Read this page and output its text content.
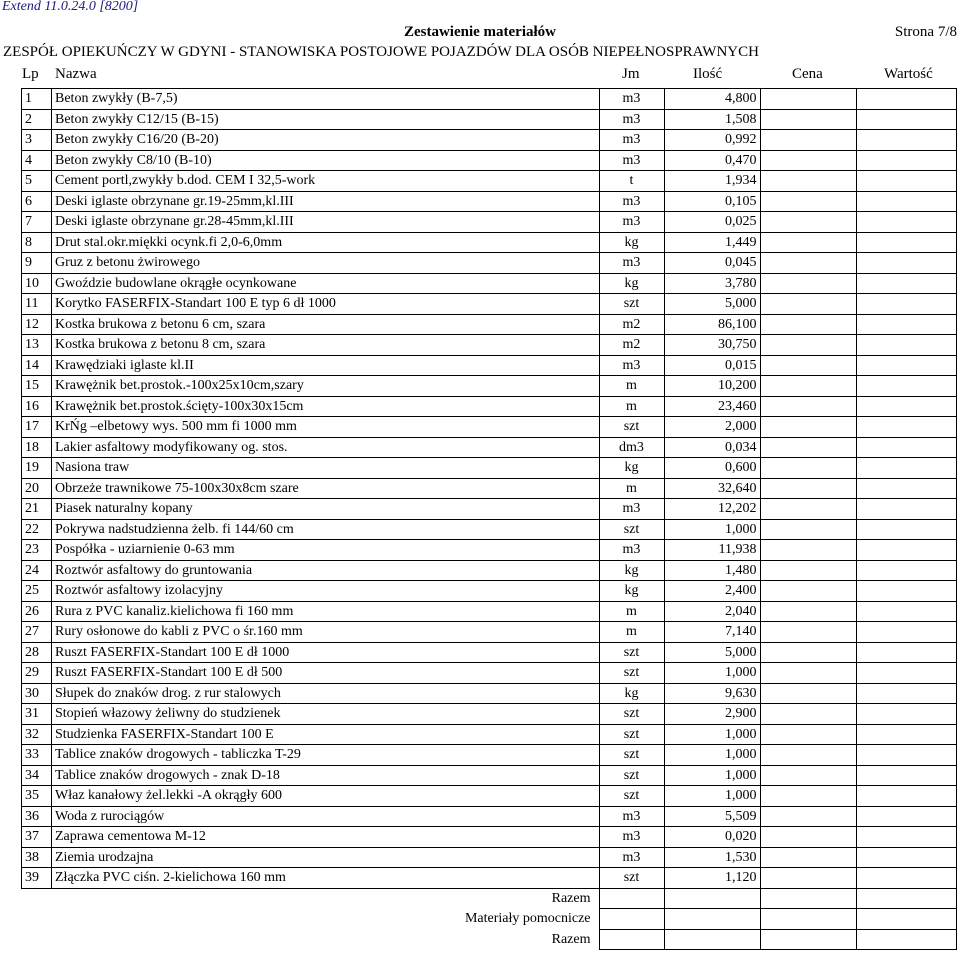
Extend 11.0.24.0 [8200]
Zestawienie materiałów	Strona 7/8
ZESPÓŁ OPIEKUŃCZY W GDYNI - STANOWISKA POSTOJOWE POJAZDÓW DLA OSÓB NIEPEŁNOSPRAWNYCH
Lp Nazwa	Jm	Ilość	Cena	Wartość
1	Beton zwykły (B-7,5)	m3	4,800		
2	Beton zwykły C12/15 (B-15)	m3	1,508		
3	Beton zwykły C16/20 (B-20)	m3	0,992		
4	Beton zwykły C8/10 (B-10)	m3	0,470		
5	Cement portl,zwykły b.dod. CEM I 32,5-work	t	1,934		
6	Deski iglaste obrzynane gr.19-25mm,kl.III	m3	0,105		
7	Deski iglaste obrzynane gr.28-45mm,kl.III	m3	0,025		
8	Drut stal.okr.miękki ocynk.fi 2,0-6,0mm	kg	1,449		
9	Gruz z betonu żwirowego	m3	0,045		
10	Gwoździe budowlane okrągłe ocynkowane	kg	3,780		
11	Korytko FASERFIX-Standart 100 E typ 6 dł 1000	szt	5,000		
12	Kostka brukowa z betonu 6 cm, szara	m2	86,100		
13	Kostka brukowa z betonu 8 cm, szara	m2	30,750		
14	Krawędziaki iglaste kl.II	m3	0,015		
15	Krawężnik bet.prostok.-100x25x10cm,szary	m	10,200		
16	Krawężnik bet.prostok.ścięty-100x30x15cm	m	23,460		
17	KrŃg –elbetowy wys. 500 mm fi 1000 mm	szt	2,000		
18	Lakier asfaltowy modyfikowany og. stos.	dm3	0,034		
19	Nasiona traw	kg	0,600		
20	Obrzeże trawnikowe 75-100x30x8cm szare	m	32,640		
21	Piasek naturalny kopany	m3	12,202		
22	Pokrywa nadstudzienna żelb. fi 144/60 cm	szt	1,000		
23	Pospółka - uziarnienie 0-63 mm	m3	11,938		
24	Roztwór asfaltowy do gruntowania	kg	1,480		
25	Roztwór asfaltowy izolacyjny	kg	2,400		
26	Rura z PVC kanaliz.kielichowa fi 160 mm	m	2,040		
27	Rury osłonowe do kabli z PVC o śr.160 mm	m	7,140		
28	Ruszt FASERFIX-Standart 100 E dł 1000	szt	5,000		
29	Ruszt FASERFIX-Standart 100 E dł 500	szt	1,000		
30	Słupek do znaków drog. z rur stalowych	kg	9,630		
31	Stopień włazowy żeliwny do studzienek	szt	2,900		
32	Studzienka FASERFIX-Standart 100 E	szt	1,000		
33	Tablice znaków drogowych - tabliczka T-29	szt	1,000		
34	Tablice znaków drogowych - znak D-18	szt	1,000		
35	Właz kanałowy żel.lekki -A okrągły 600	szt	1,000		
36	Woda z rurociągów	m3	5,509		
37	Zaprawa cementowa M-12	m3	0,020		
38	Ziemia urodzajna	m3	1,530		
39	Złączka PVC ciśn. 2-kielichowa 160 mm	szt	1,120		
	Razem				
	Materiały pomocnicze				
	Razem				
